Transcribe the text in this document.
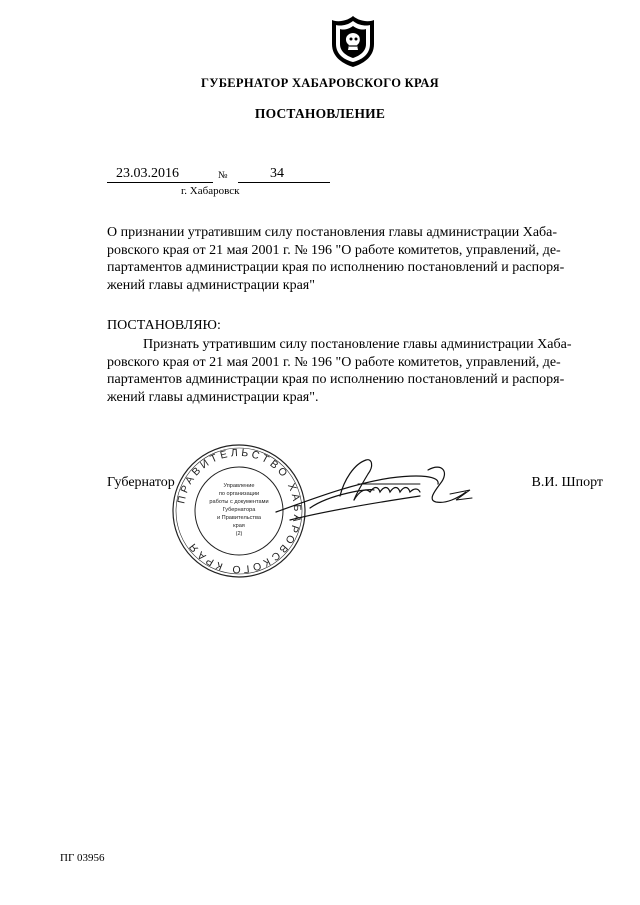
ГУБЕРНАТОР ХАБАРОВСКОГО КРАЯ
ПОСТАНОВЛЕНИЕ
23.03.2016	№	34
г. Хабаровск
О признании утратившим силу постановления главы администрации Хаба-
ровского края от 21 мая 2001 г. № 196 "О работе комитетов, управлений, де-
партаментов администрации края по исполнению постановлений и распоря-
жений главы администрации края"
ПОСТАНОВЛЯЮ:
Признать утратившим силу постановление главы администрации Хаба-
ровского края от 21 мая 2001 г. № 196 "О работе комитетов, управлений, де-
партаментов администрации края по исполнению постановлений и распоря-
жений главы администрации края".
Губернатор	В.И. Шпорт
ПРАВИТЕЛЬСТВО ХАБАРОВСКОГО КРАЯ
Управление
по организации
работы с документами
Губернатора
и Правительства
края
(2)
ПГ 03956
